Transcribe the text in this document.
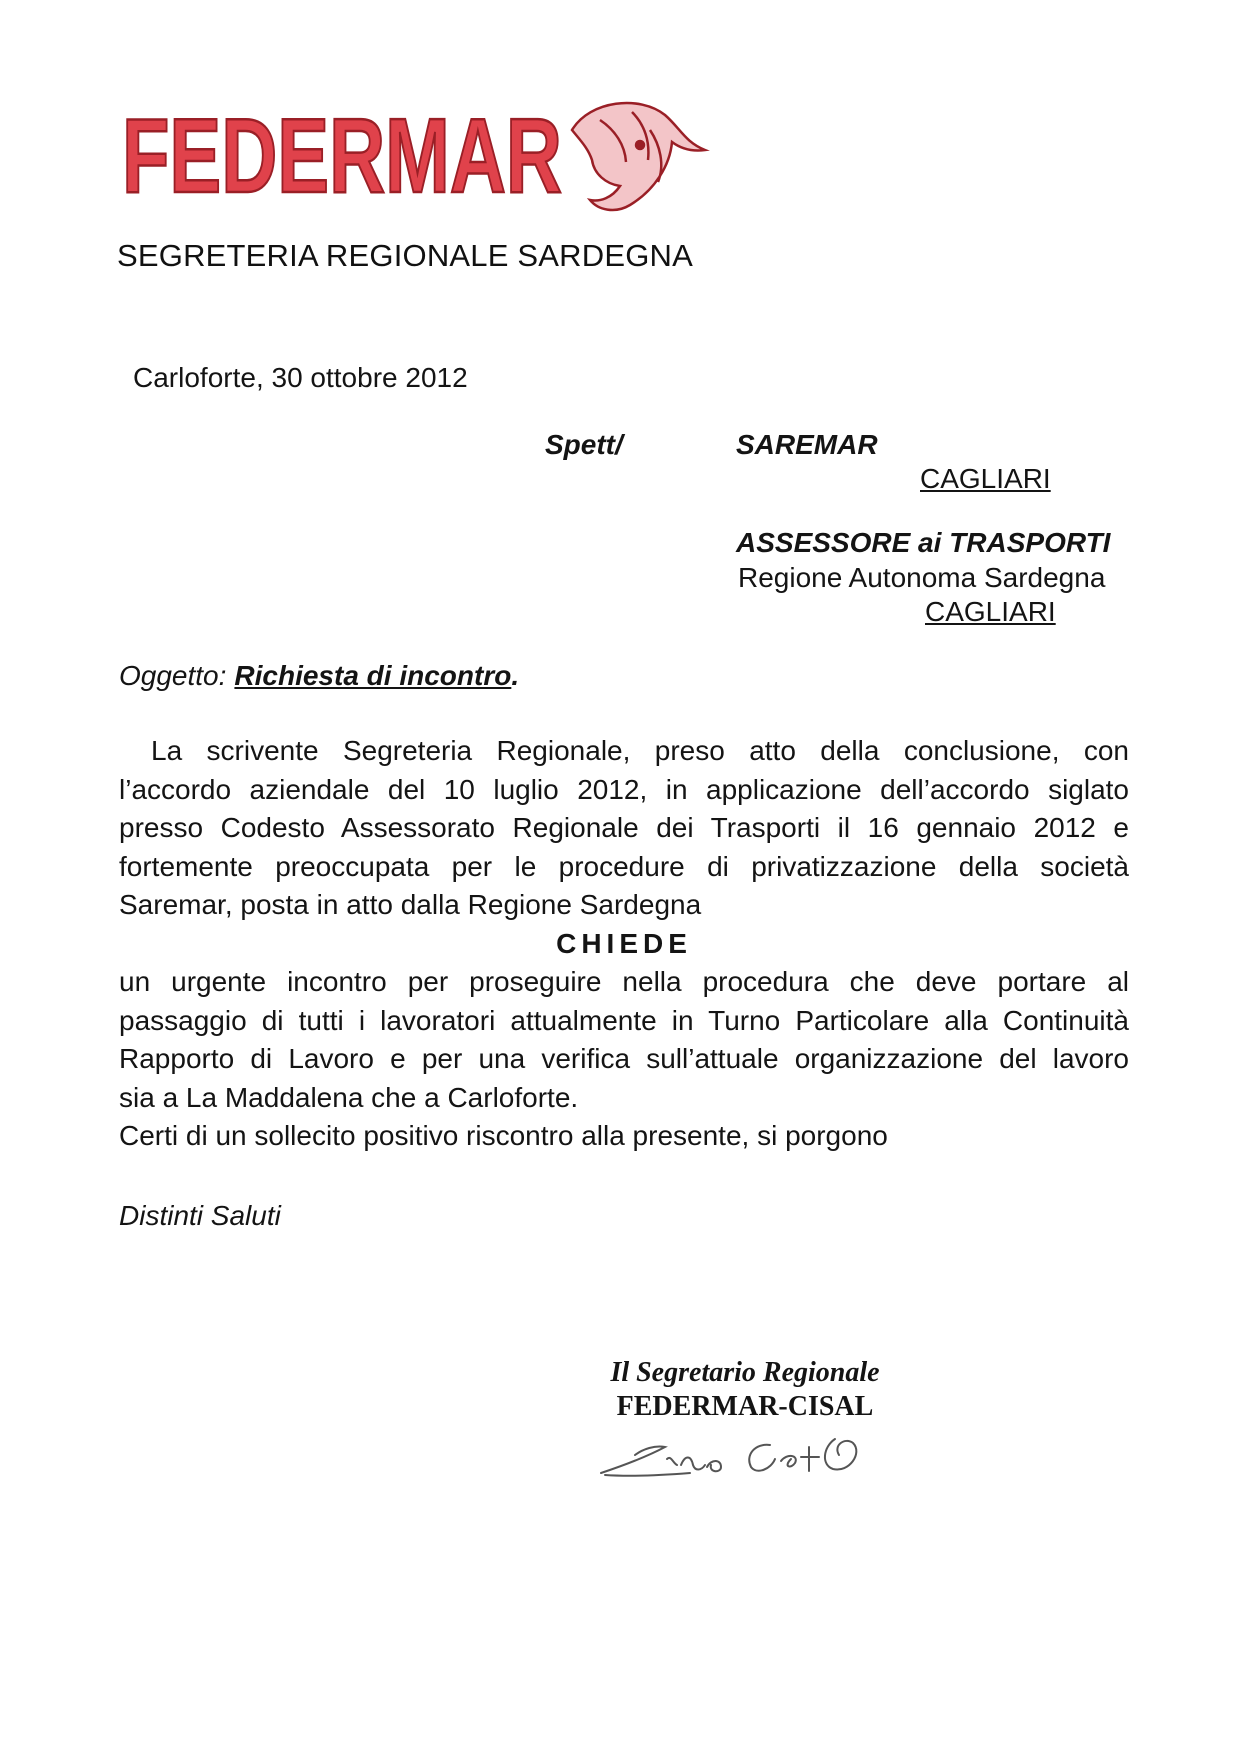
FEDERMAR
SEGRETERIA REGIONALE SARDEGNA
Carloforte, 30 ottobre 2012
Spett/	SAREMAR
CAGLIARI
ASSESSORE ai TRASPORTI
Regione Autonoma Sardegna
CAGLIARI
Oggetto: Richiesta di incontro.

La scrivente Segreteria Regionale, preso atto della conclusione, con

l’accordo aziendale del 10 luglio 2012, in applicazione dell’accordo siglato

presso Codesto Assessorato Regionale dei Trasporti il 16 gennaio 2012 e

fortemente preoccupata per le procedure di privatizzazione della società

Saremar, posta in atto dalla Regione Sardegna

CHIEDE

un urgente incontro per proseguire nella procedura che deve portare al

passaggio di tutti i lavoratori attualmente in Turno Particolare alla Continuità

Rapporto di Lavoro e per una verifica sull’attuale organizzazione del lavoro

sia a La Maddalena che a Carloforte.

Certi di un sollecito positivo riscontro alla presente, si porgono

Distinti Saluti
Il Segretario Regionale
FEDERMAR-CISAL
